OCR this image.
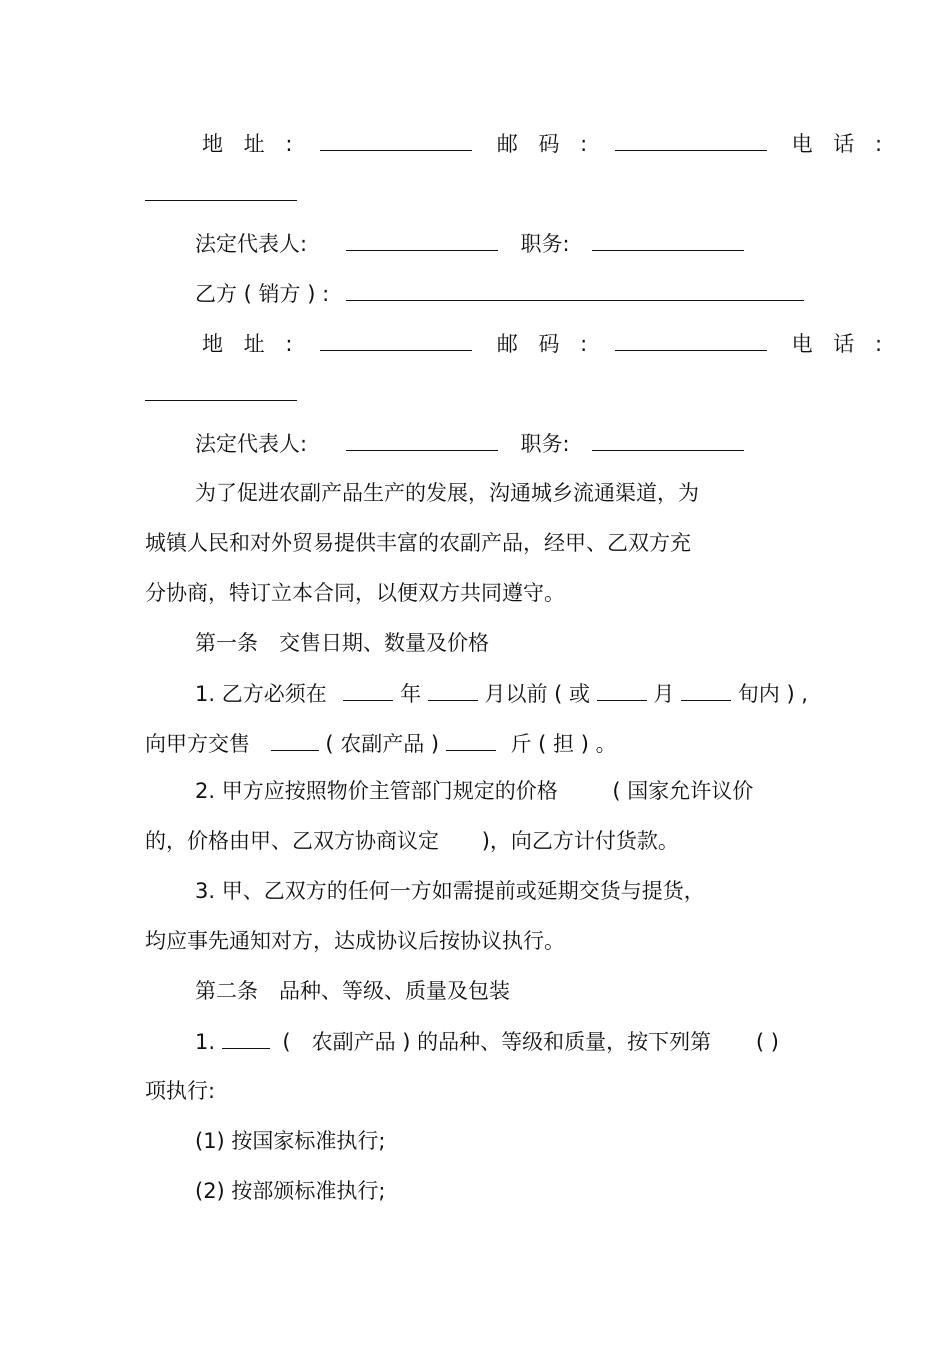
地 址 :	邮 码 :	电 话 :
法定代表人:	职务:
乙方 ( 销方 ) :
地 址 :	邮 码 :	电 话 :
法定代表人:	职务:
为了促进农副产品生产的发展，沟通城乡流通渠道，为
城镇人民和对外贸易提供丰富的农副产品，经甲、乙双方充
分协商，特订立本合同，以便双方共同遵守。
第一条　交售日期、数量及价格
1. 乙方必须在	年	月以前 ( 或	月	旬内 ) ,
向甲方交售	( 农副产品 )	斤 ( 担 ) 。
2. 甲方应按照物价主管部门规定的价格	( 国家允许议价
的，价格由甲、乙双方协商议定 )，向乙方计付货款。
3. 甲、乙双方的任何一方如需提前或延期交货与提货，
均应事先通知对方，达成协议后按协议执行。
第二条　品种、等级、质量及包装
1.	(　农副产品 ) 的品种、等级和质量，按下列第 ( )
项执行:
(1) 按国家标准执行;
(2) 按部颁标准执行;
